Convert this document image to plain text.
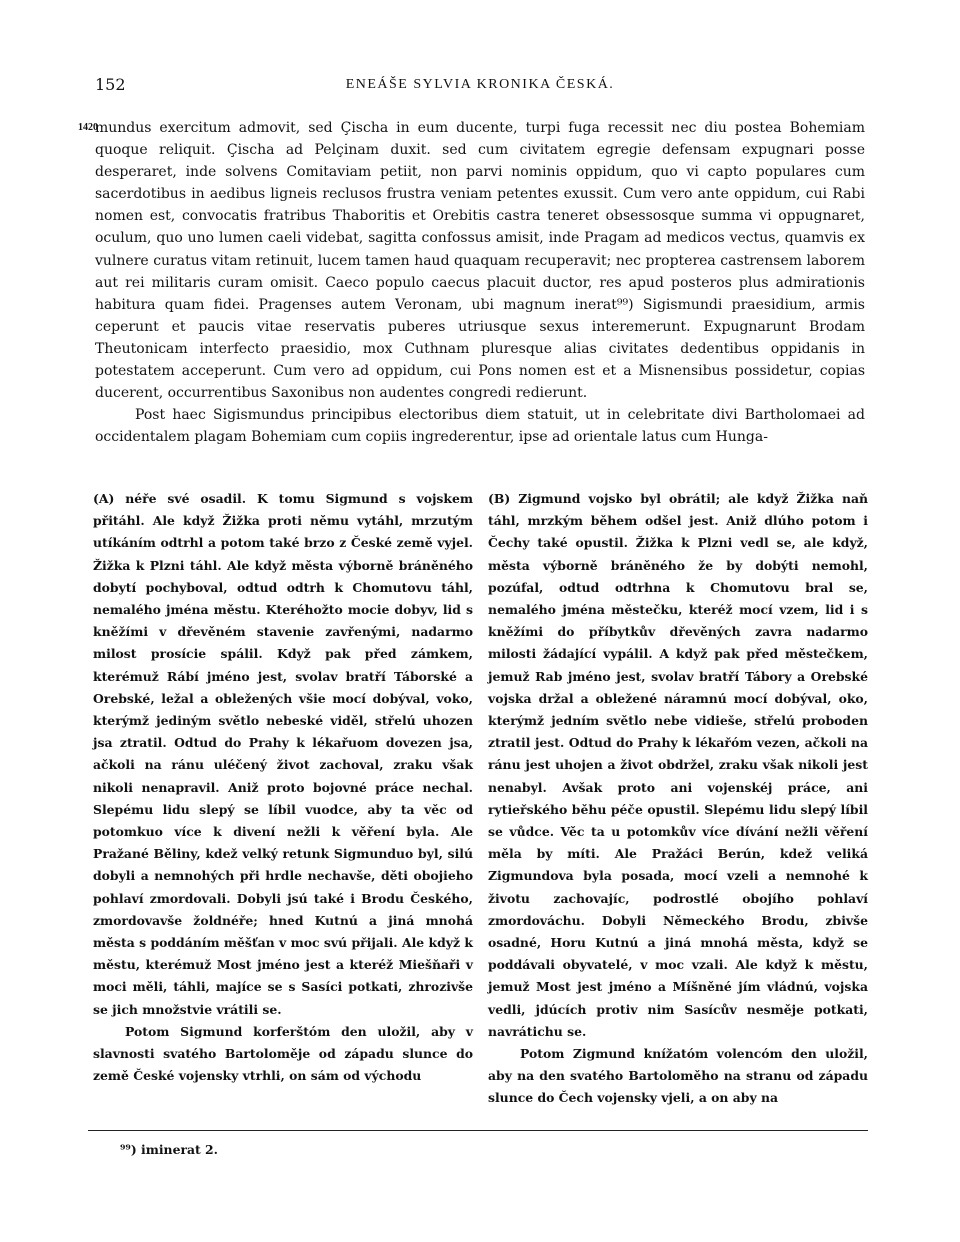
152	ENEÁŠE SYLVIA KRONIKA ČESKÁ.
1420

mundus exercitum admovit, sed Çischa in eum ducente, turpi fuga recessit nec diu postea Bohemiam quoque reliquit. Çischa ad Pelçinam duxit. sed cum civitatem egregie defensam expugnari posse desperaret, inde solvens Comitaviam petiit, non parvi nominis oppidum, quo vi capto populares cum sacerdotibus in aedibus ligneis reclusos frustra veniam petentes exussit. Cum vero ante oppidum, cui Rabi nomen est, convocatis fratribus Thaboritis et Orebitis castra teneret obsessosque summa vi oppugnaret, oculum, quo uno lumen caeli videbat, sagitta confossus amisit, inde Pragam ad medicos vectus, quamvis ex vulnere curatus vitam retinuit, lucem tamen haud quaquam recuperavit; nec propterea castrensem laborem aut rei militaris curam omisit. Caeco populo caecus placuit ductor, res apud posteros plus admirationis habitura quam fidei. Pragenses autem Veronam, ubi magnum inerat⁹⁹) Sigismundi praesidium, armis ceperunt et paucis vitae reservatis puberes utriusque sexus interemerunt. Expugnarunt Brodam Theutonicam interfecto praesidio, mox Cuthnam pluresque alias civitates dedentibus oppidanis in potestatem acceperunt. Cum vero ad oppidum, cui Pons nomen est et a Misnensibus possidetur, copias ducerent, occurrentibus Saxonibus non audentes congredi redierunt.

Post haec Sigismundus principibus electoribus diem statuit, ut in celebritate divi Bartholomaei ad occidentalem plagam Bohemiam cum copiis ingrederentur, ipse ad orientale latus cum Hunga-

(A) néře své osadil. K tomu Sigmund s vojskem přitáhl. Ale když Žižka proti němu vytáhl, mrzutým utíkáním odtrhl a potom také brzo z České země vyjel. Žižka k Plzni táhl. Ale když města výborně bráněného dobytí pochyboval, odtud odtrh k Chomutovu táhl, nemalého jména městu. Kteréhožto mocie dobyv, lid s kněžími v dřevěném stavenie zavřenými, nadarmo milost prosície spálil. Když pak před zámkem, kterémuž Rábí jméno jest, svolav bratří Táborské a Orebské, ležal a obležených všie mocí dobýval, voko, kterýmž jediným světlo nebeské viděl, střelú uhozen jsa ztratil. Odtud do Prahy k lékařuom dovezen jsa, ačkoli na ránu uléčený život zachoval, zraku však nikoli nenapravil. Aniž proto bojovné práce nechal. Slepému lidu slepý se líbil vuodce, aby ta věc od potomkuo více k divení nežli k věření byla. Ale Pražané Běliny, kdež velký retunk Sigmunduo byl, silú dobyli a nemnohých při hrdle nechavše, děti obojieho pohlaví zmordovali. Dobyli jsú také i Brodu Českého, zmordovavše žoldnéře; hned Kutnú a jiná mnohá města s poddáním měšťan v moc svú přijali. Ale když k městu, kterémuž Most jméno jest a kteréž Miešňaři v moci měli, táhli, majíce se s Sasíci potkati, zhrozivše se jich množstvie vrátili se.

Potom Sigmund korferštóm den uložil, aby v slavnosti svatého Bartoloměje od západu slunce do země České vojensky vtrhli, on sám od východu

(B) Zigmund vojsko byl obrátil; ale když Žižka naň táhl, mrzkým během odšel jest. Aniž dlúho potom i Čechy také opustil. Žižka k Plzni vedl se, ale když, města výborně bráněného že by dobýti nemohl, pozúfal, odtud odtrhna k Chomutovu bral se, nemalého jména městečku, kteréž mocí vzem, lid i s kněžími do příbytkův dřevěných zavra nadarmo milosti žádající vypálil. A když pak před městečkem, jemuž Rab jméno jest, svolav bratří Tábory a Orebské vojska držal a obležené náramnú mocí dobýval, oko, kterýmž jedním světlo nebe vidieše, střelú proboden ztratil jest. Odtud do Prahy k lékařóm vezen, ačkoli na ránu jest uhojen a život obdržel, zraku však nikoli jest nenabyl. Avšak proto ani vojenskéj práce, ani rytieřského běhu péče opustil. Slepému lidu slepý líbil se vůdce. Věc ta u potomkův více dívání nežli věření měla by míti. Ale Pražáci Berún, kdež veliká Zigmundova byla posada, mocí vzeli a nemnohé k životu zachovajíc, podrostlé obojího pohlaví zmordováchu. Dobyli Německého Brodu, zbivše osadné, Horu Kutnú a jiná mnohá města, když se poddávali obyvatelé, v moc vzali. Ale když k městu, jemuž Most jest jméno a Míšněné jím vládnú, vojska vedli, jdúcích protiv nim Sasícův nesměje potkati, navrátichu se.

Potom Zigmund knížatóm volencóm den uložil, aby na den svatého Bartoloměho na stranu od západu slunce do Čech vojensky vjeli, a on aby na

⁹⁹) iminerat 2.
